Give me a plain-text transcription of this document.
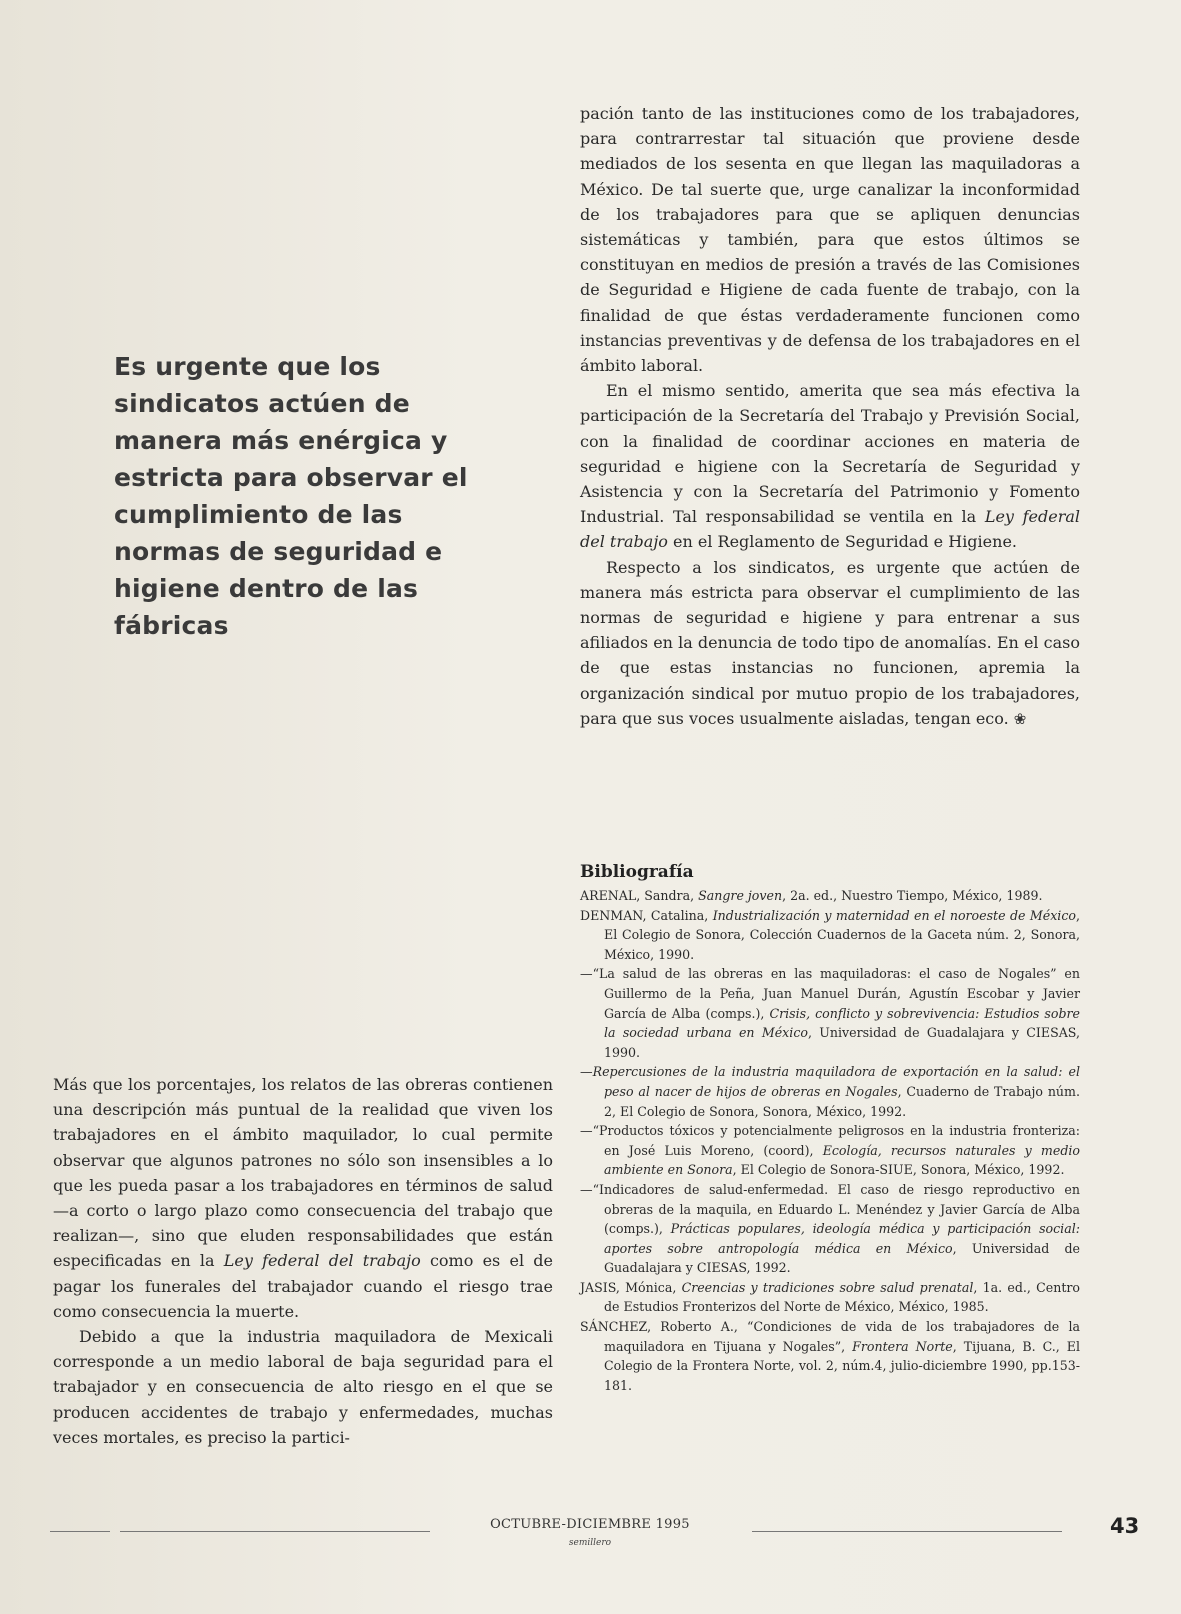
Es urgente que los sindicatos actúen de manera más enérgica y estricta para observar el cumplimiento de las normas de seguridad e higiene dentro de las fábricas

pación tanto de las instituciones como de los trabajadores, para contrarrestar tal situación que proviene desde mediados de los sesenta en que llegan las maquiladoras a México. De tal suerte que, urge canalizar la inconformidad de los trabajadores para que se apliquen denuncias sistemáticas y también, para que estos últimos se constituyan en medios de presión a través de las Comisiones de Seguridad e Higiene de cada fuente de trabajo, con la finalidad de que éstas verdaderamente funcionen como instancias preventivas y de defensa de los trabajadores en el ámbito laboral.

En el mismo sentido, amerita que sea más efectiva la participación de la Secretaría del Trabajo y Previsión Social, con la finalidad de coordinar acciones en materia de seguridad e higiene con la Secretaría de Seguridad y Asistencia y con la Secretaría del Patrimonio y Fomento Industrial. Tal responsabilidad se ventila en la Ley federal del trabajo en el Reglamento de Seguridad e Higiene.

Respecto a los sindicatos, es urgente que actúen de manera más estricta para observar el cumplimiento de las normas de seguridad e higiene y para entrenar a sus afiliados en la denuncia de todo tipo de anomalías. En el caso de que estas instancias no funcionen, apremia la organización sindical por mutuo propio de los trabajadores, para que sus voces usualmente aisladas, tengan eco. ❀

Bibliografía
ARENAL, Sandra, Sangre joven, 2a. ed., Nuestro Tiempo, México, 1989.
DENMAN, Catalina, Industrialización y maternidad en el noroeste de México, El Colegio de Sonora, Colección Cuadernos de la Gaceta núm. 2, Sonora, México, 1990.
—“La salud de las obreras en las maquiladoras: el caso de Nogales” en Guillermo de la Peña, Juan Manuel Durán, Agustín Escobar y Javier García de Alba (comps.), Crisis, conflicto y sobrevivencia: Estudios sobre la sociedad urbana en México, Universidad de Guadalajara y CIESAS, 1990.
—Repercusiones de la industria maquiladora de exportación en la salud: el peso al nacer de hijos de obreras en Nogales, Cuaderno de Trabajo núm. 2, El Colegio de Sonora, Sonora, México, 1992.
—“Productos tóxicos y potencialmente peligrosos en la industria fronteriza: en José Luis Moreno, (coord), Ecología, recursos naturales y medio ambiente en Sonora, El Colegio de Sonora-SIUE, Sonora, México, 1992.
—“Indicadores de salud-enfermedad. El caso de riesgo reproductivo en obreras de la maquila, en Eduardo L. Menéndez y Javier García de Alba (comps.), Prácticas populares, ideología médica y participación social: aportes sobre antropología médica en México, Universidad de Guadalajara y CIESAS, 1992.
JASIS, Mónica, Creencias y tradiciones sobre salud prenatal, 1a. ed., Centro de Estudios Fronterizos del Norte de México, México, 1985.
SÁNCHEZ, Roberto A., “Condiciones de vida de los trabajadores de la maquiladora en Tijuana y Nogales”, Frontera Norte, Tijuana, B. C., El Colegio de la Frontera Norte, vol. 2, núm.4, julio-diciembre 1990, pp.153-181.

Más que los porcentajes, los relatos de las obreras contienen una descripción más puntual de la realidad que viven los trabajadores en el ámbito maquilador, lo cual permite observar que algunos patrones no sólo son insensibles a lo que les pueda pasar a los trabajadores en términos de salud —a corto o largo plazo como consecuencia del trabajo que realizan—, sino que eluden responsabilidades que están especificadas en la Ley federal del trabajo como es el de pagar los funerales del trabajador cuando el riesgo trae como consecuencia la muerte.

Debido a que la industria maquiladora de Mexicali corresponde a un medio laboral de baja seguridad para el trabajador y en consecuencia de alto riesgo en el que se producen accidentes de trabajo y enfermedades, muchas veces mortales, es preciso la partici-

OCTUBRE-DICIEMBRE 1995
semillero
43
